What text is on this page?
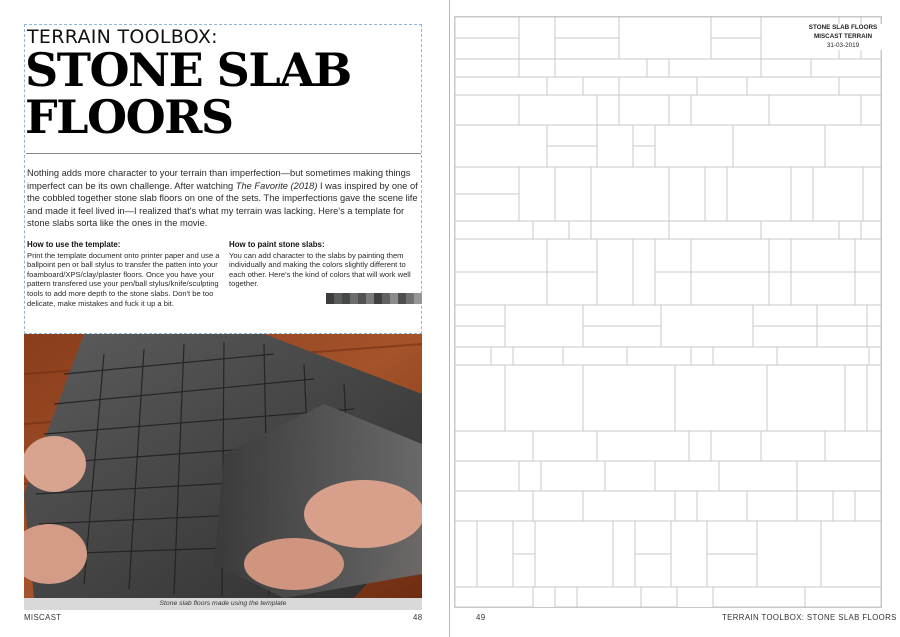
TERRAIN TOOLBOX:
STONE SLAB
FLOORS
Nothing adds more character to your terrain than imperfection—but sometimes making things imperfect can be its own challenge. After watching The Favorite (2018) I was inspired by one of the cobbled together stone slab floors on one of the sets. The imperfections gave the scene life and made it feel lived in—I realized that's what my terrain was lacking. Here's a template for stone slabs sorta like the ones in the movie.
How to use the template:

Print the template document onto printer paper and use a ballpoint pen or ball stylus to transfer the patten into your foamboard/XPS/clay/plaster floors. Once you have your pattern transfered use your pen/ball stylus/knife/sculpting tools to add more depth to the stone slabs. Don't be too delicate, make mistakes and fuck it up a bit.

How to paint stone slabs:

You can add character to the slabs by painting them individually and making the colors slightly different to each other. Here's the kind of colors that will work well together.

Stone slab floors made using the template
MISCAST	48
STONE SLAB FLOORS
MISCAST TERRAIN
31-03-2019
49	TERRAIN TOOLBOX: STONE SLAB FLOORS
